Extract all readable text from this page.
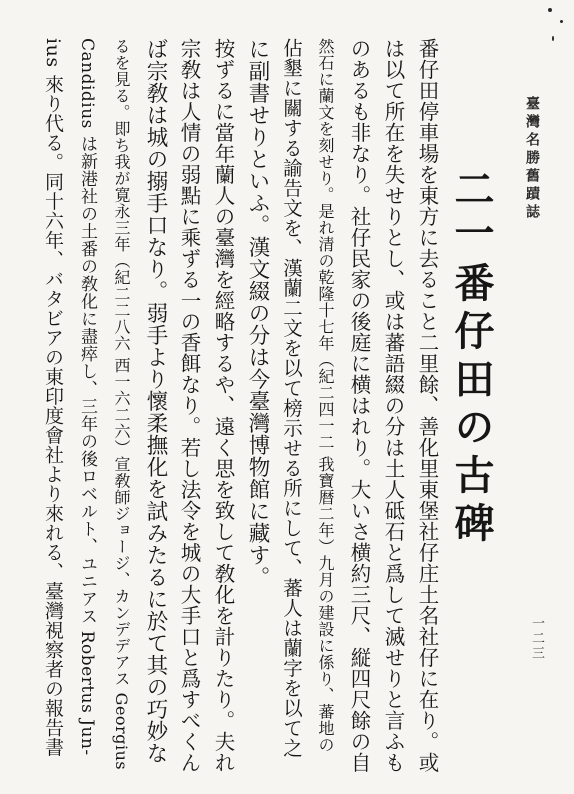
臺灣名勝舊蹟誌
二一
番仔田の古碑
番仔田停車場を東方に去ること二里餘、善化里東堡社仔庄土名社仔に在り。或
は以て所在を失せりとし、或は蕃語綴の分は土人砥石と爲して滅せりと言ふも
のあるも非なり。社仔民家の後庭に横はれり。大いさ横約三尺、縦四尺餘の自
然石に蘭文を刻せり。是れ清の乾隆十七年（紀二四一二 我寶暦二年）九月の建設に係り、蕃地の
佔墾に關する諭告文を、漢蘭二文を以て榜示せる所にして、蕃人は蘭字を以て之
に副書せりといふ。漢文綴の分は今臺灣博物館に藏す。
按ずるに當年蘭人の臺灣を經略するや、遠く思を致して敎化を計りたり。夫れ
宗敎は人情の弱點に乘ずる一の香餌なり。若し法令を城の大手口と爲すべくん
ば宗敎は城の搦手口なり。弱手より懷柔撫化を試みたるに於て其の巧妙な
るを見る。即ち我が寛永三年（紀二二八六 西一六二六）宣敎師ジョージ、カンデデアス Georgius
Candidius は新港社の土番の敎化に盡瘁し、三年の後ロベルト、ユニアス Robertus Jun-
ius 來り代る。同十六年、バタビアの東印度會社より來れる、臺灣視察者の報告書	一二三
